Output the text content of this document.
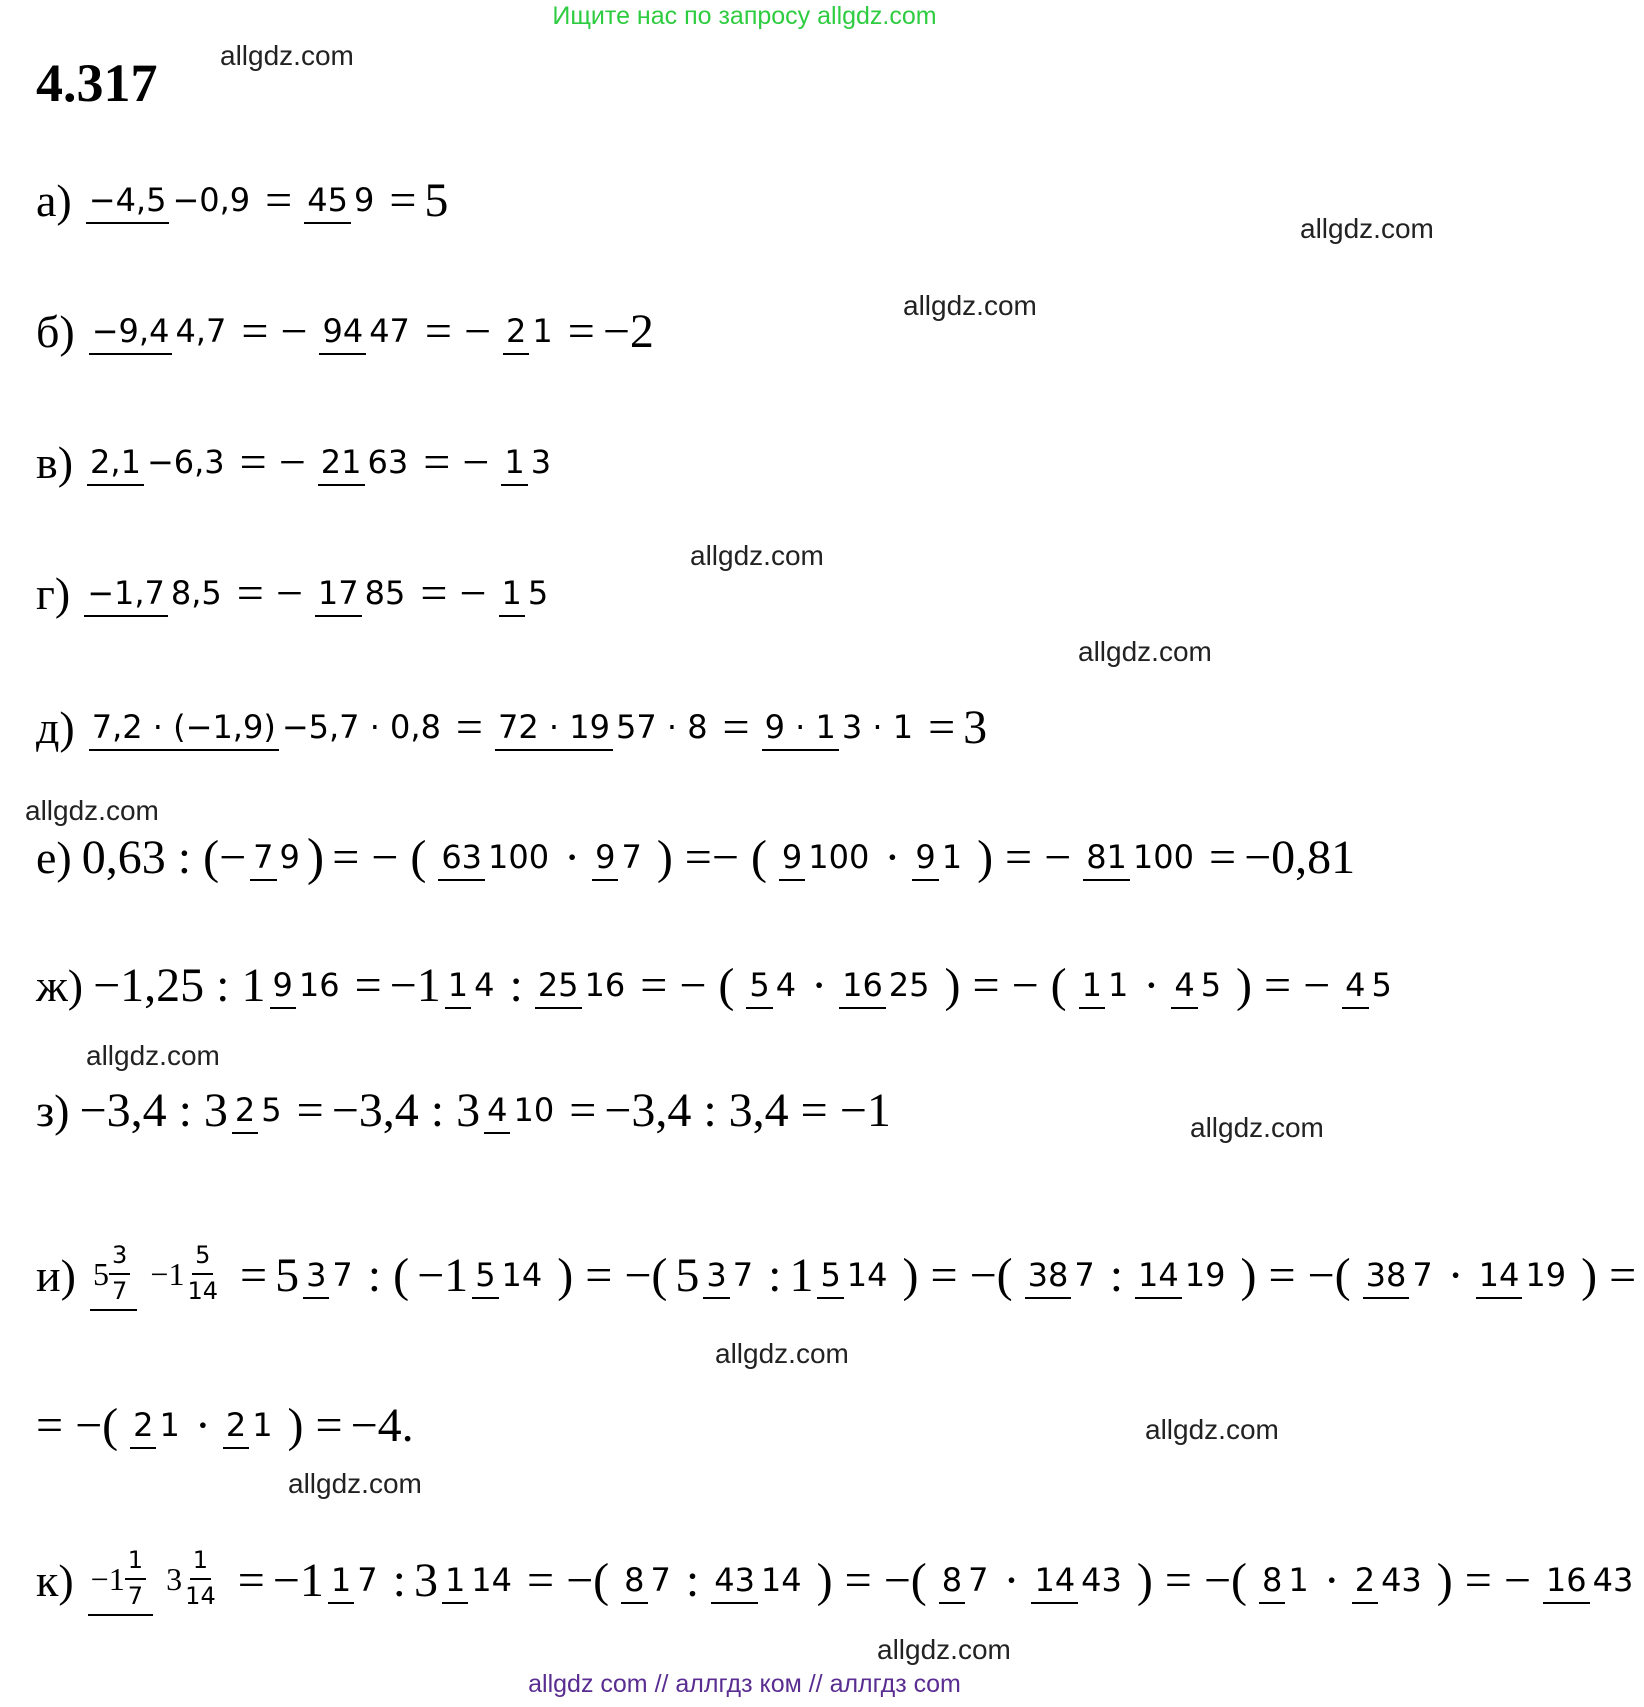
Ищите нас по запросу allgdz.com
4.317 allgdz.com
allgdz.com
allgdz.com
allgdz.com
allgdz.com
allgdz.com
allgdz.com
allgdz.com
allgdz.com
allgdz.com
allgdz.com
allgdz.com
а) −4,5 −0,9 = 45 9 = 5
б) −9,4 4,7 = − 94 47 = − 2 1 = −2
в) 2,1 −6,3 = − 21 63 = − 1 3
г) −1,7 8,5 = − 17 85 = − 1 5
д) 7,2 · (−1,9) −5,7 · 0,8 = 72 · 19 57 · 8 = 9 · 1 3 · 1 = 3
е) 0,63 : (− 7 9 ) = − ( 63 100 · 9 7 ) =− ( 9 100 · 9 1 ) = − 81 100 = −0,81
ж) −1,25 : 1 9 16 = −1 1 4 : 25 16 = − ( 5 4 · 16 25 ) = − ( 1 1 · 4 5 ) = − 4 5
з) −3,4 : 3 2 5 = −3,4 : 3 4 10 = −3,4 : 3,4 = −1
и) $5 \frac{3}{7}$
$-1 \frac{5}{14} = 5$ 3 7 : ( −1 5 14 ) = −( 5 3 7 : 1 5 14 ) = −( 38 7 : 14 19 ) = −( 38 7 · 14 19 ) =
= −( 2 1 · 2 1 ) = −4.
$к) -1 \frac{1}{7}$
$3 \frac{1}{14} = -1$ 1 7 : 3 1 14 = −( 8 7 : 43 14 ) = −( 8 7 · 14 43 ) = −( 8 1 · 2 43 ) = − 16 43
allgdz com // аллгдз ком // аллгдз com
